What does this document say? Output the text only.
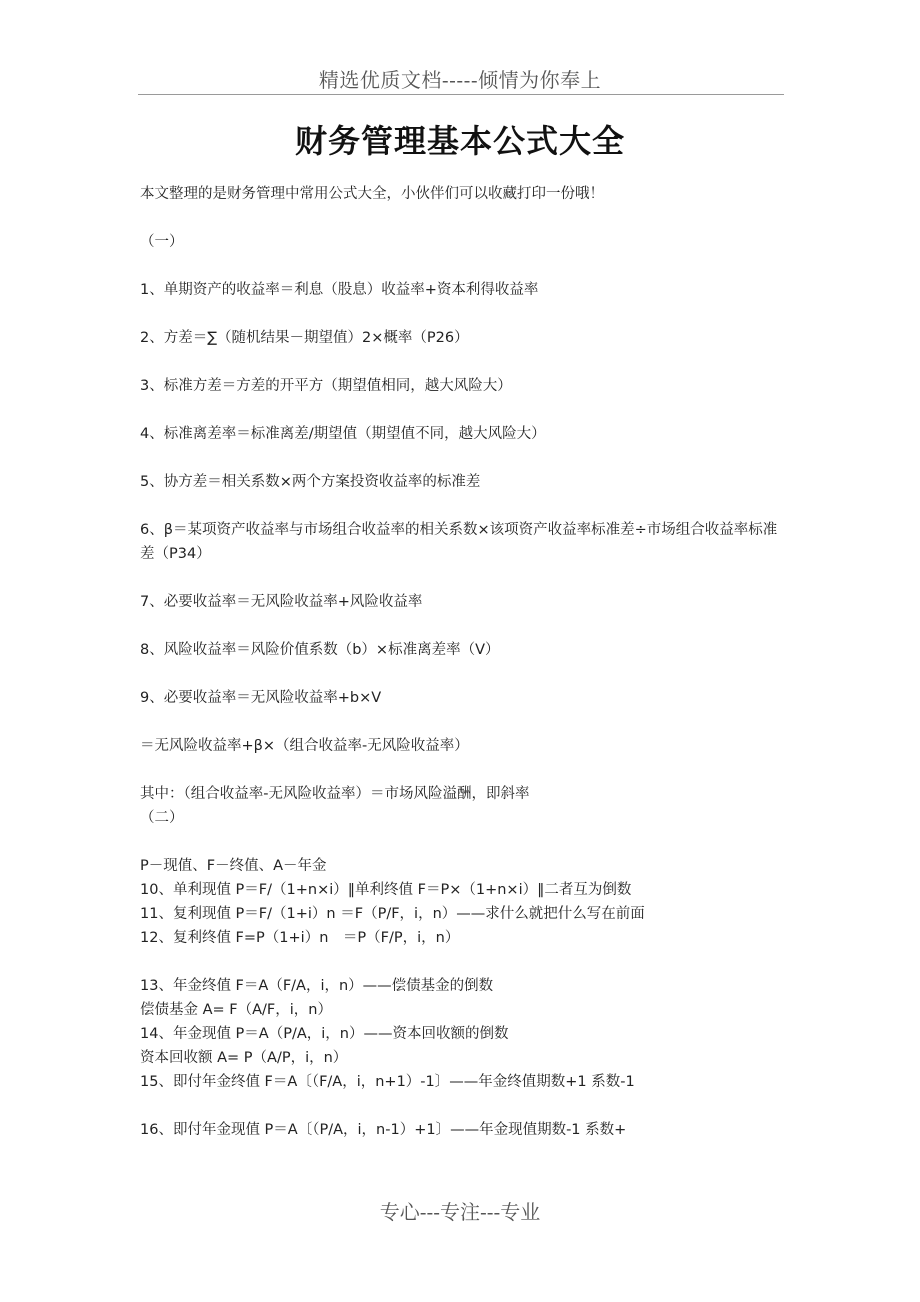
精选优质文档-----倾情为你奉上
财务管理基本公式大全
本文整理的是财务管理中常用公式大全，小伙伴们可以收藏打印一份哦！
（一）
1、单期资产的收益率＝利息（股息）收益率+资本利得收益率
2、方差＝∑（随机结果－期望值）2×概率（P26）
3、标准方差＝方差的开平方（期望值相同，越大风险大）
4、标准离差率＝标准离差/期望值（期望值不同，越大风险大）
5、协方差＝相关系数×两个方案投资收益率的标准差
6、β＝某项资产收益率与市场组合收益率的相关系数×该项资产收益率标准差÷市场组合收益率标准差（P34）
7、必要收益率＝无风险收益率+风险收益率
8、风险收益率＝风险价值系数（b）×标准离差率（V）
9、必要收益率＝无风险收益率+b×V
＝无风险收益率+β×（组合收益率-无风险收益率）
其中：（组合收益率-无风险收益率）＝市场风险溢酬，即斜率
（二）
P－现值、F－终值、A－年金
10、单利现值 P＝F/（1+n×i）‖单利终值 F＝P×（1+n×i）‖二者互为倒数
11、复利现值 P＝F/（1+i）n ＝F（P/F，i，n）——求什么就把什么写在前面
12、复利终值 F=P（1+i）n　＝P（F/P，i，n）
13、年金终值 F＝A（F/A，i，n）——偿债基金的倒数
偿债基金 A= F（A/F，i，n）
14、年金现值 P＝A（P/A，i，n）——资本回收额的倒数
资本回收额 A= P（A/P，i，n）
15、即付年金终值 F＝A〔（F/A，i，n+1）-1〕——年金终值期数+1 系数-1
16、即付年金现值 P＝A〔（P/A，i，n-1）+1〕——年金现值期数-1 系数+
专心---专注---专业
